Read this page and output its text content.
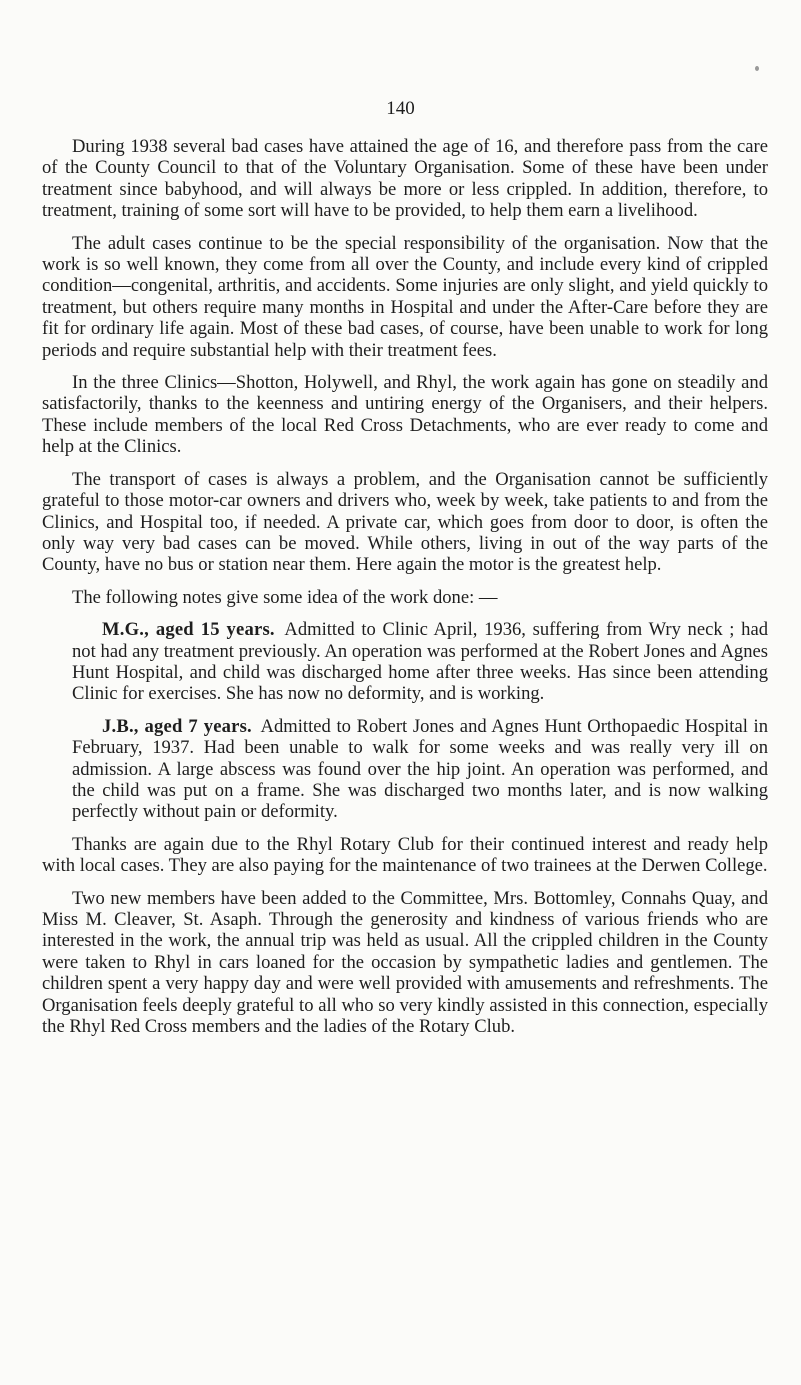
140

During 1938 several bad cases have attained the age of 16, and therefore pass from the care of the County Council to that of the Voluntary Organisation. Some of these have been under treatment since babyhood, and will always be more or less crippled. In addition, therefore, to treatment, training of some sort will have to be provided, to help them earn a livelihood.

The adult cases continue to be the special responsibility of the organisation. Now that the work is so well known, they come from all over the County, and include every kind of crippled condition—congenital, arthritis, and accidents. Some injuries are only slight, and yield quickly to treatment, but others require many months in Hospital and under the After-Care before they are fit for ordinary life again. Most of these bad cases, of course, have been unable to work for long periods and require substantial help with their treatment fees.

In the three Clinics—Shotton, Holywell, and Rhyl, the work again has gone on steadily and satisfactorily, thanks to the keenness and untiring energy of the Organisers, and their helpers. These include members of the local Red Cross Detachments, who are ever ready to come and help at the Clinics.

The transport of cases is always a problem, and the Organisation cannot be sufficiently grateful to those motor-car owners and drivers who, week by week, take patients to and from the Clinics, and Hospital too, if needed. A private car, which goes from door to door, is often the only way very bad cases can be moved. While others, living in out of the way parts of the County, have no bus or station near them. Here again the motor is the greatest help.

The following notes give some idea of the work done: —

M.G., aged 15 years. Admitted to Clinic April, 1936, suffering from Wry neck ; had not had any treatment previously. An operation was performed at the Robert Jones and Agnes Hunt Hospital, and child was discharged home after three weeks. Has since been attending Clinic for exercises. She has now no deformity, and is working.

J.B., aged 7 years. Admitted to Robert Jones and Agnes Hunt Orthopaedic Hospital in February, 1937. Had been unable to walk for some weeks and was really very ill on admission. A large abscess was found over the hip joint. An operation was performed, and the child was put on a frame. She was discharged two months later, and is now walking perfectly without pain or deformity.

Thanks are again due to the Rhyl Rotary Club for their continued interest and ready help with local cases. They are also paying for the maintenance of two trainees at the Derwen College.

Two new members have been added to the Committee, Mrs. Bottomley, Connahs Quay, and Miss M. Cleaver, St. Asaph. Through the generosity and kindness of various friends who are interested in the work, the annual trip was held as usual. All the crippled children in the County were taken to Rhyl in cars loaned for the occasion by sympathetic ladies and gentlemen. The children spent a very happy day and were well provided with amusements and refreshments. The Organisation feels deeply grateful to all who so very kindly assisted in this connection, especially the Rhyl Red Cross members and the ladies of the Rotary Club.
